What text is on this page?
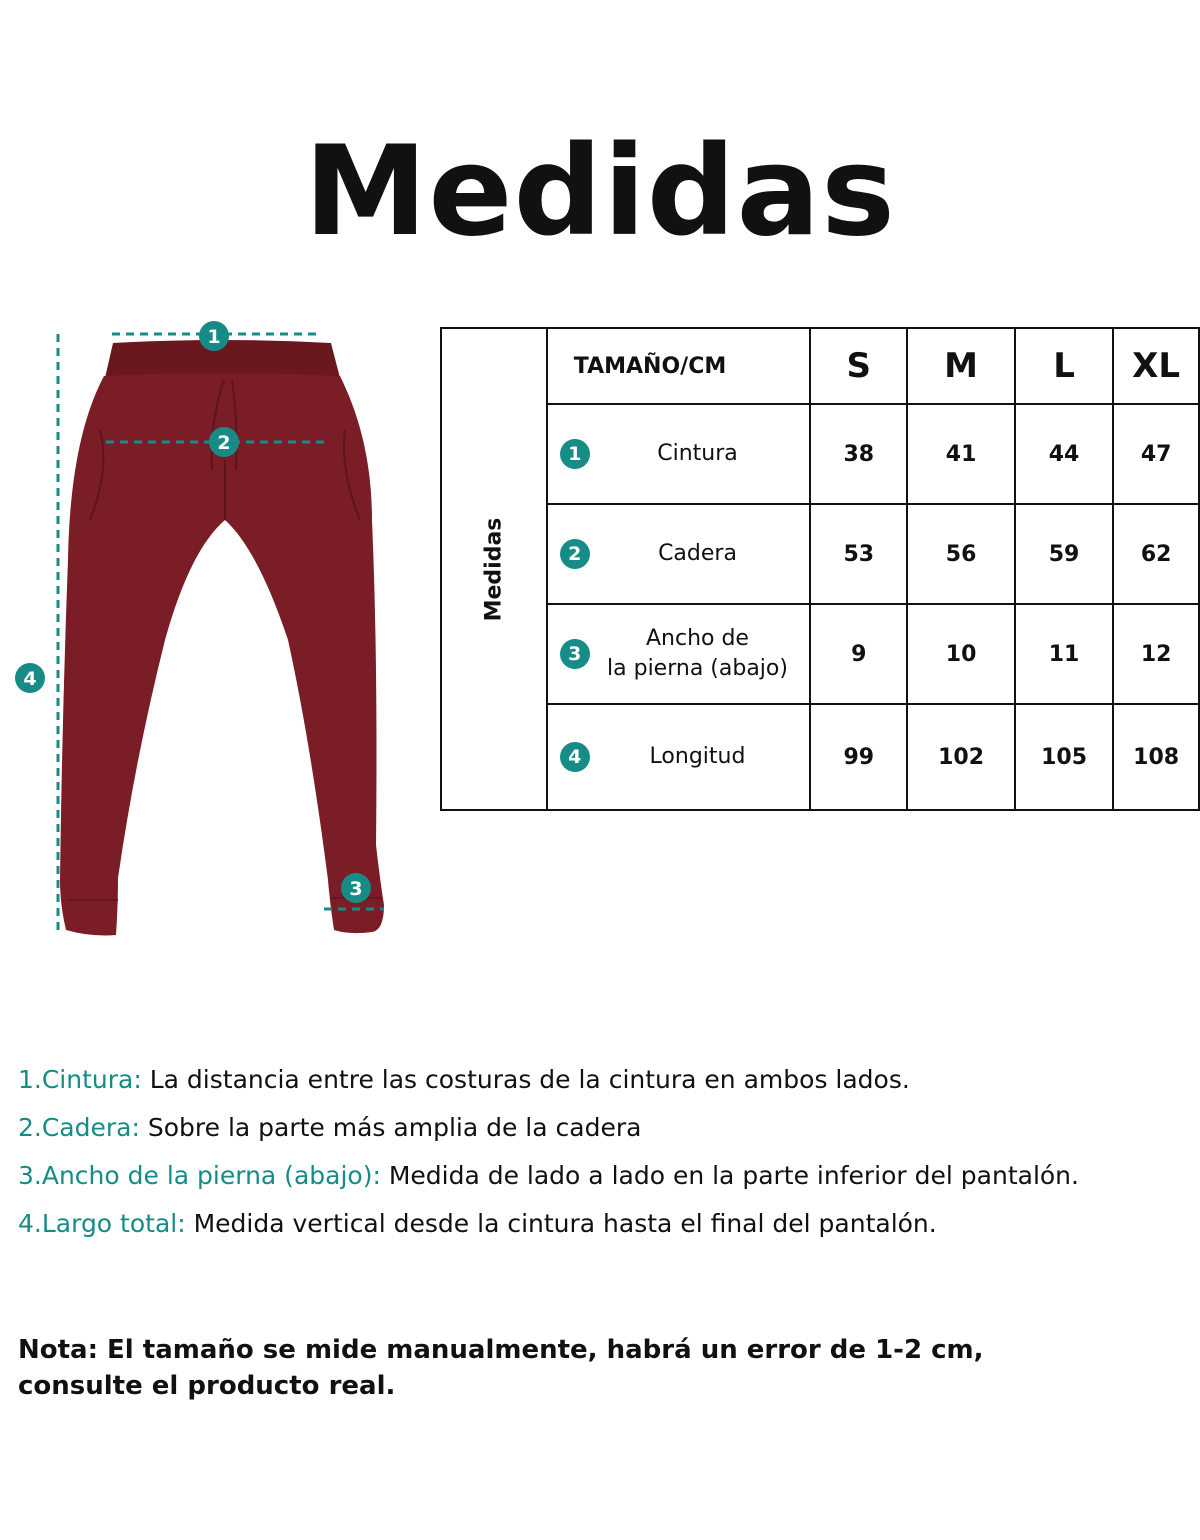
Medidas
1
2
3
4
Medidas	TAMAÑO/CM	S	M	L	XL

1 Cintura	38	41	44	47

2 Cadera	53	56	59	62

3
Ancho de
la pierna (abajo)	9	10	11	12

4 Longitud	99	102	105	108
1.Cintura: La distancia entre las costuras de la cintura en ambos lados.
2.Cadera: Sobre la parte más amplia de la cadera
3.Ancho de la pierna (abajo): Medida de lado a lado en la parte inferior del pantalón.
4.Largo total: Medida vertical desde la cintura hasta el final del pantalón.
Nota: El tamaño se mide manualmente, habrá un error de 1-2 cm,
consulte el producto real.
